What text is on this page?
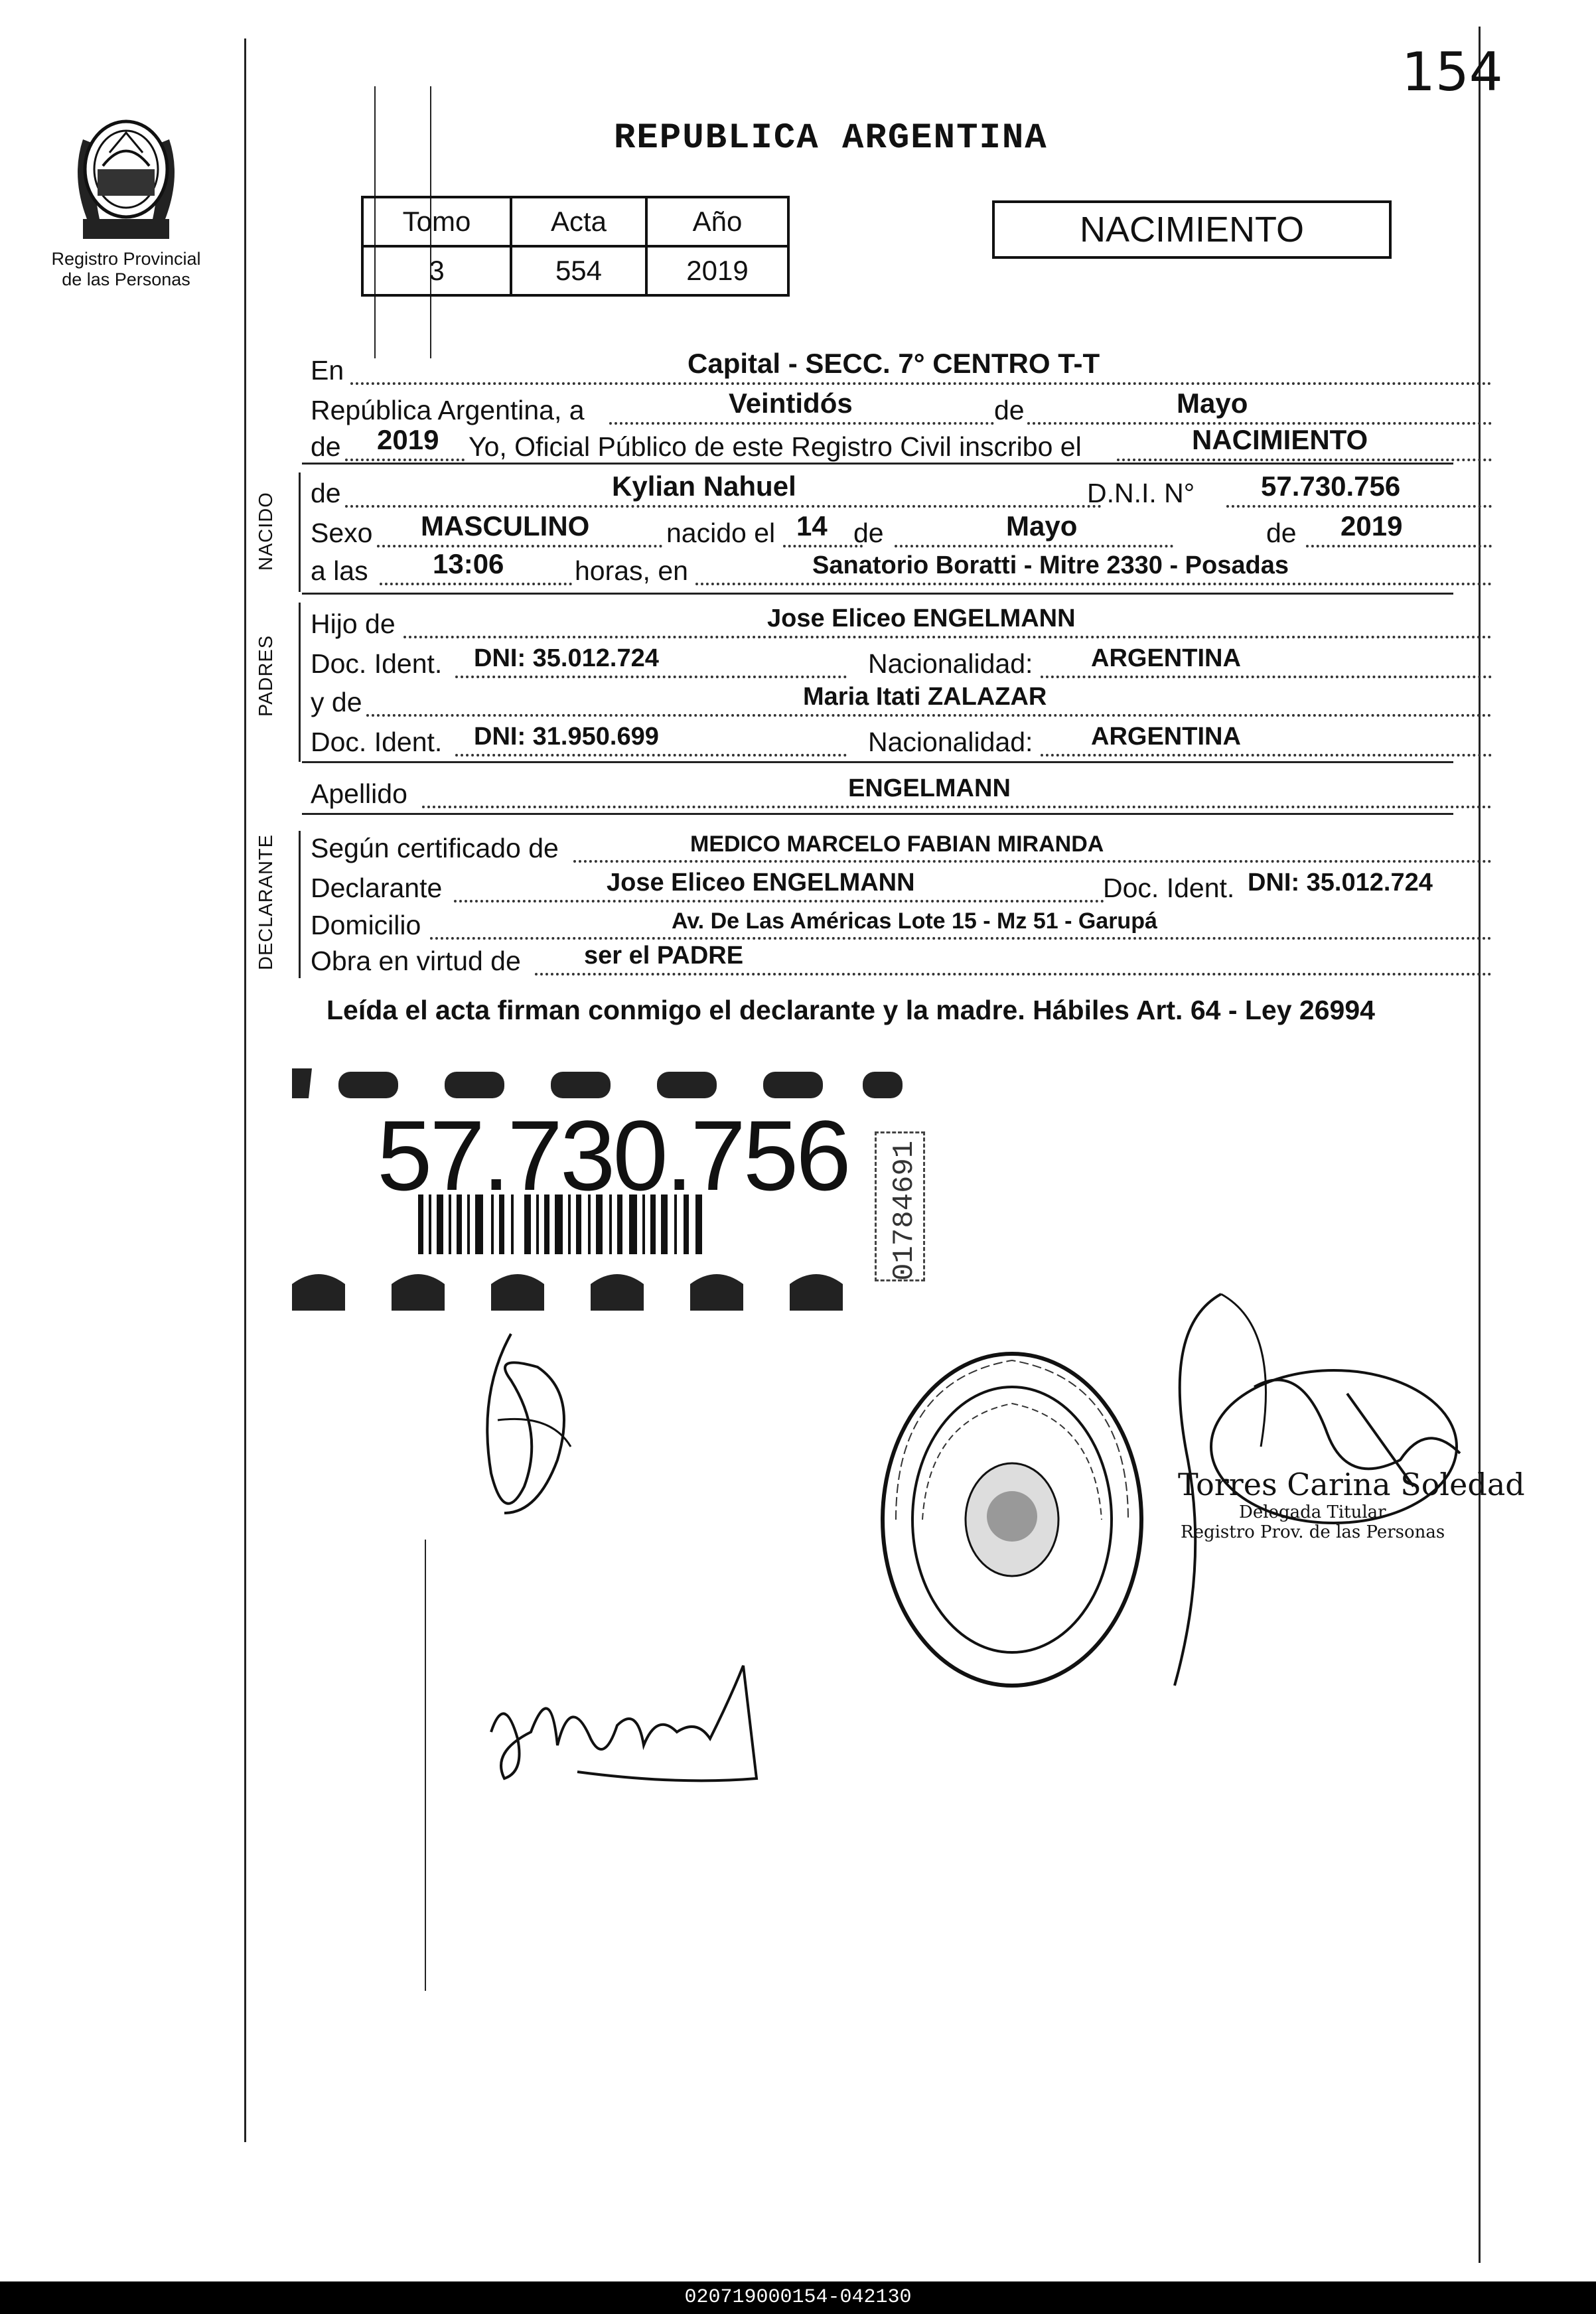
154
Registro Provincial
de las Personas
REPUBLICA ARGENTINA
Tomo	Acta	Año
3	554	2019
NACIMIENTO
En	Capital - SECC. 7° CENTRO T-T
República Argentina, a	Veintidós	de	Mayo
de 2019 Yo, Oficial Público de este Registro Civil inscribo el	NACIMIENTO
NACIDO de	Kylian Nahuel	D.N.I. N° 57.730.756
Sexo MASCULINO	nacido el 14 de	Mayo	de 2019
a las 13:06	horas, en	Sanatorio Boratti - Mitre 2330 - Posadas
PADRES
Hijo de	Jose Eliceo ENGELMANN
Doc. Ident. DNI: 35.012.724	Nacionalidad: ARGENTINA
y de	Maria Itati ZALAZAR
Doc. Ident. DNI: 31.950.699	Nacionalidad: ARGENTINA
Apellido	ENGELMANN
DECLARANTE Según certificado de	MEDICO MARCELO FABIAN MIRANDA
Declarante	Jose Eliceo ENGELMANN	Doc. Ident. DNI: 35.012.724
Domicilio	Av. De Las Américas Lote 15 - Mz 51 - Garupá
Obra en virtud de	ser el PADRE
Leída el acta firman conmigo el declarante y la madre. Hábiles Art. 64 - Ley 26994
57.730.756 01784691
Torres Carina Soledad
Delegada Titular
Registro Prov. de las Personas
020719000154-042130
